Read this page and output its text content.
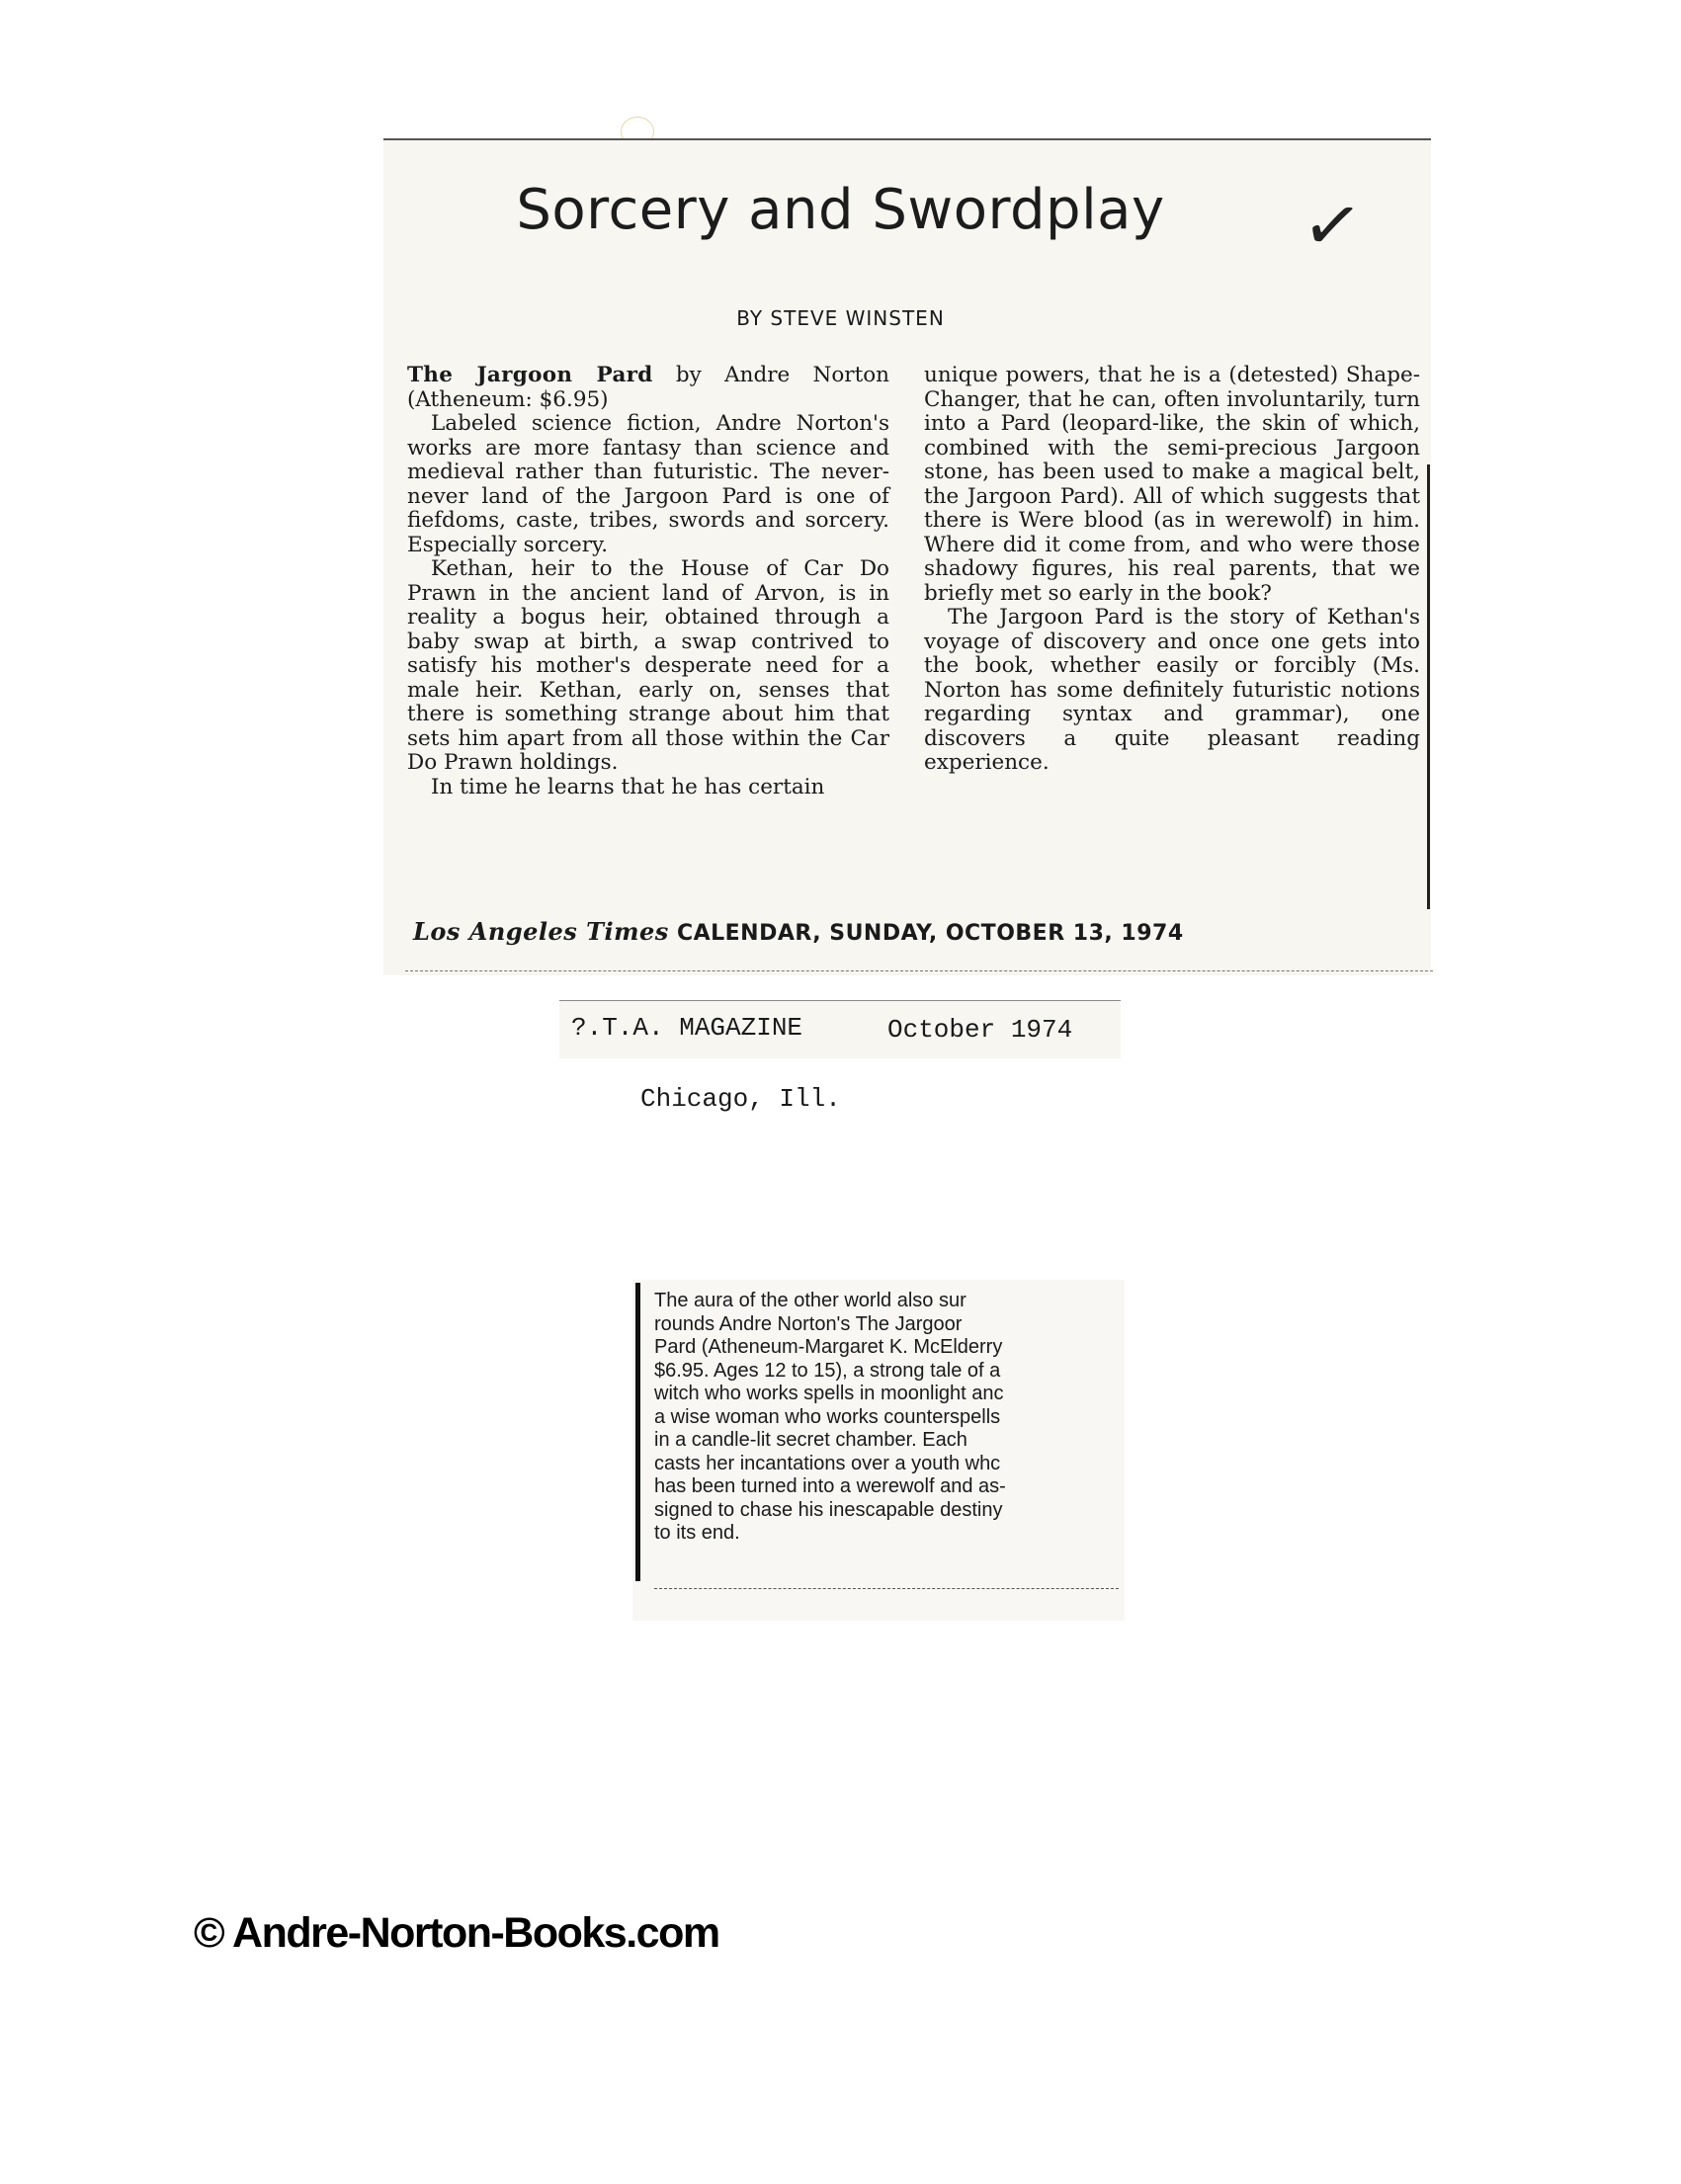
✓
Sorcery and Swordplay
BY STEVE WINSTEN

The Jargoon Pard by Andre Norton (Atheneum: $6.95)

Labeled science fiction, Andre Norton's works are more fantasy than science and medieval rather than futuristic. The never-never land of the Jargoon Pard is one of fiefdoms, caste, tribes, swords and sorcery. Especially sorcery.

Kethan, heir to the House of Car Do Prawn in the ancient land of Arvon, is in reality a bogus heir, obtained through a baby swap at birth, a swap contrived to satisfy his mother's desperate need for a male heir. Kethan, early on, senses that there is something strange about him that sets him apart from all those within the Car Do Prawn holdings.

In time he learns that he has certain

unique powers, that he is a (detested) Shape-Changer, that he can, often involuntarily, turn into a Pard (leopard-like, the skin of which, combined with the semi-precious Jargoon stone, has been used to make a magical belt, the Jargoon Pard). All of which suggests that there is Were blood (as in werewolf) in him. Where did it come from, and who were those shadowy figures, his real parents, that we briefly met so early in the book?

The Jargoon Pard is the story of Kethan's voyage of discovery and once one gets into the book, whether easily or forcibly (Ms. Norton has some definitely futuristic notions regarding syntax and grammar), one discovers a quite pleasant reading experience.

Los Angeles Times CALENDAR, SUNDAY, OCTOBER 13, 1974
?.T.A. MAGAZINE	October 1974
Chicago, Ill.
The aura of the other world also sur
rounds Andre Norton's The Jargoor
Pard (Atheneum-Margaret K. McElderry
$6.95. Ages 12 to 15), a strong tale of a
witch who works spells in moonlight anc
a wise woman who works counterspells
in a candle-lit secret chamber. Each
casts her incantations over a youth whc
has been turned into a werewolf and as-
signed to chase his inescapable destiny
to its end.
© Andre-Norton-Books.com
